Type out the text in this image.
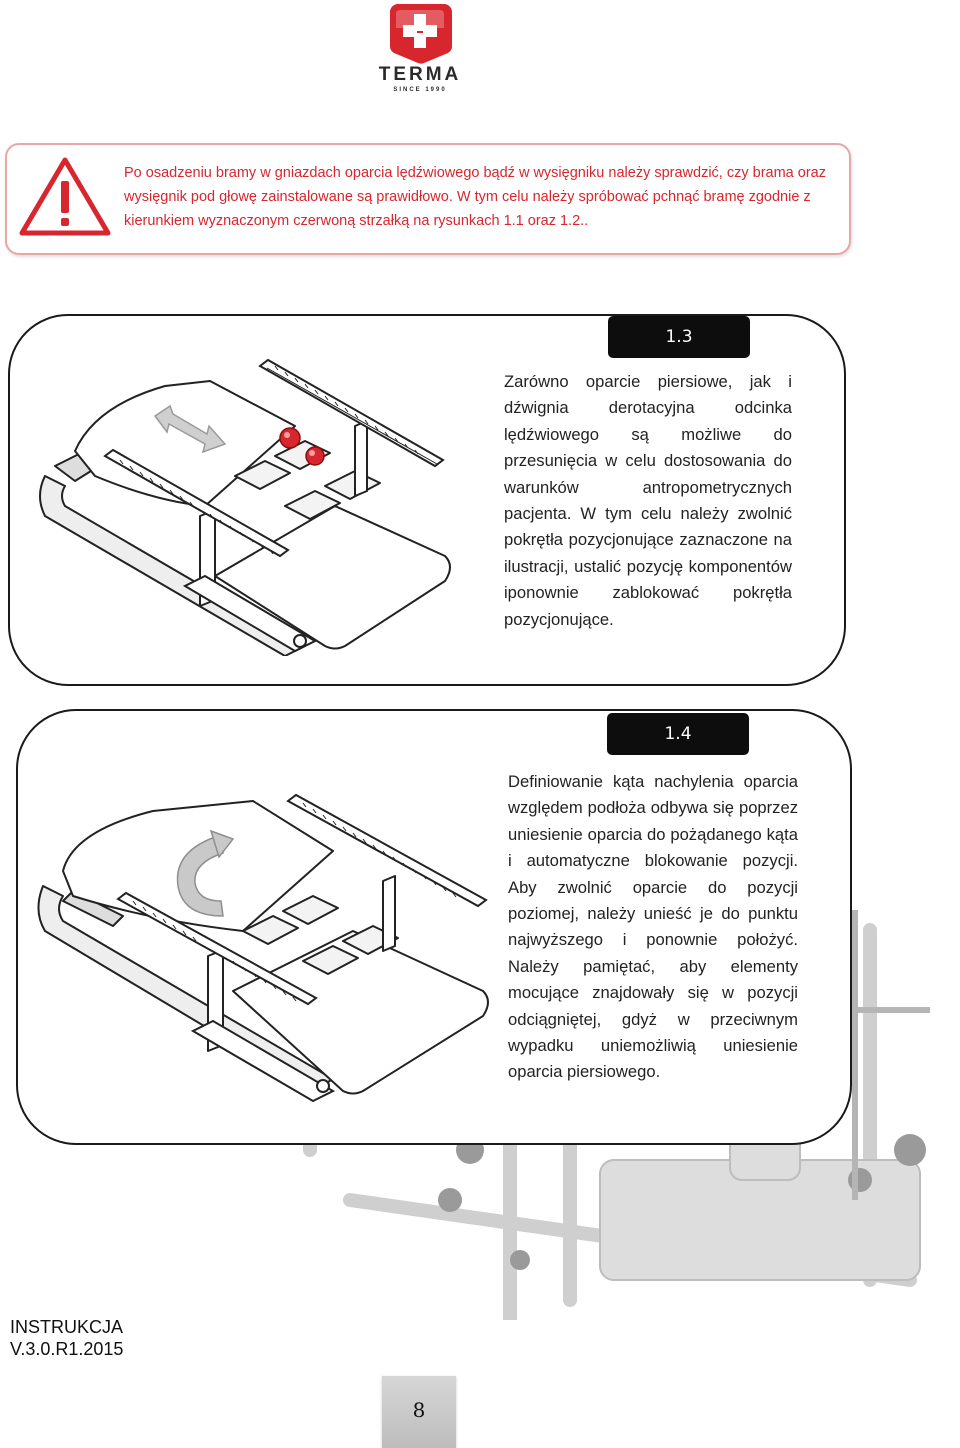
TERMA
SINCE 1990
Po osadzeniu bramy w gniazdach oparcia lędźwiowego bądź w wysięgniku należy sprawdzić, czy brama oraz wysięgnik pod głowę zainstalowane są prawidłowo. W tym celu należy spróbować pchnąć bramę zgodnie z kierunkiem wyznaczonym czerwoną strzałką na rysunkach 1.1 oraz 1.2..
1.3
Zarówno oparcie piersiowe, jak i dźwignia derotacyjna odcinka lędźwiowego są możliwe do przesunięcia w celu dostosowania do warunków antropometrycznych pacjenta. W tym celu należy zwolnić pokrętła pozycjonujące zaznaczone na ilustracji, ustalić pozycję komponentów iponownie zablokować pokrętła pozycjonujące.
1.4
Definiowanie kąta nachylenia oparcia względem podłoża odbywa się poprzez uniesienie oparcia do pożądanego kąta i automatyczne blokowanie pozycji. Aby zwolnić oparcie do pozycji poziomej, należy unieść je do punktu najwyższego i ponownie położyć. Należy pamiętać, aby elementy mocujące znajdowały się w pozycji odciągniętej, gdyż w przeciwnym wypadku uniemożliwią uniesienie oparcia piersiowego.
INSTRUKCJA
V.3.0.R1.2015
8
